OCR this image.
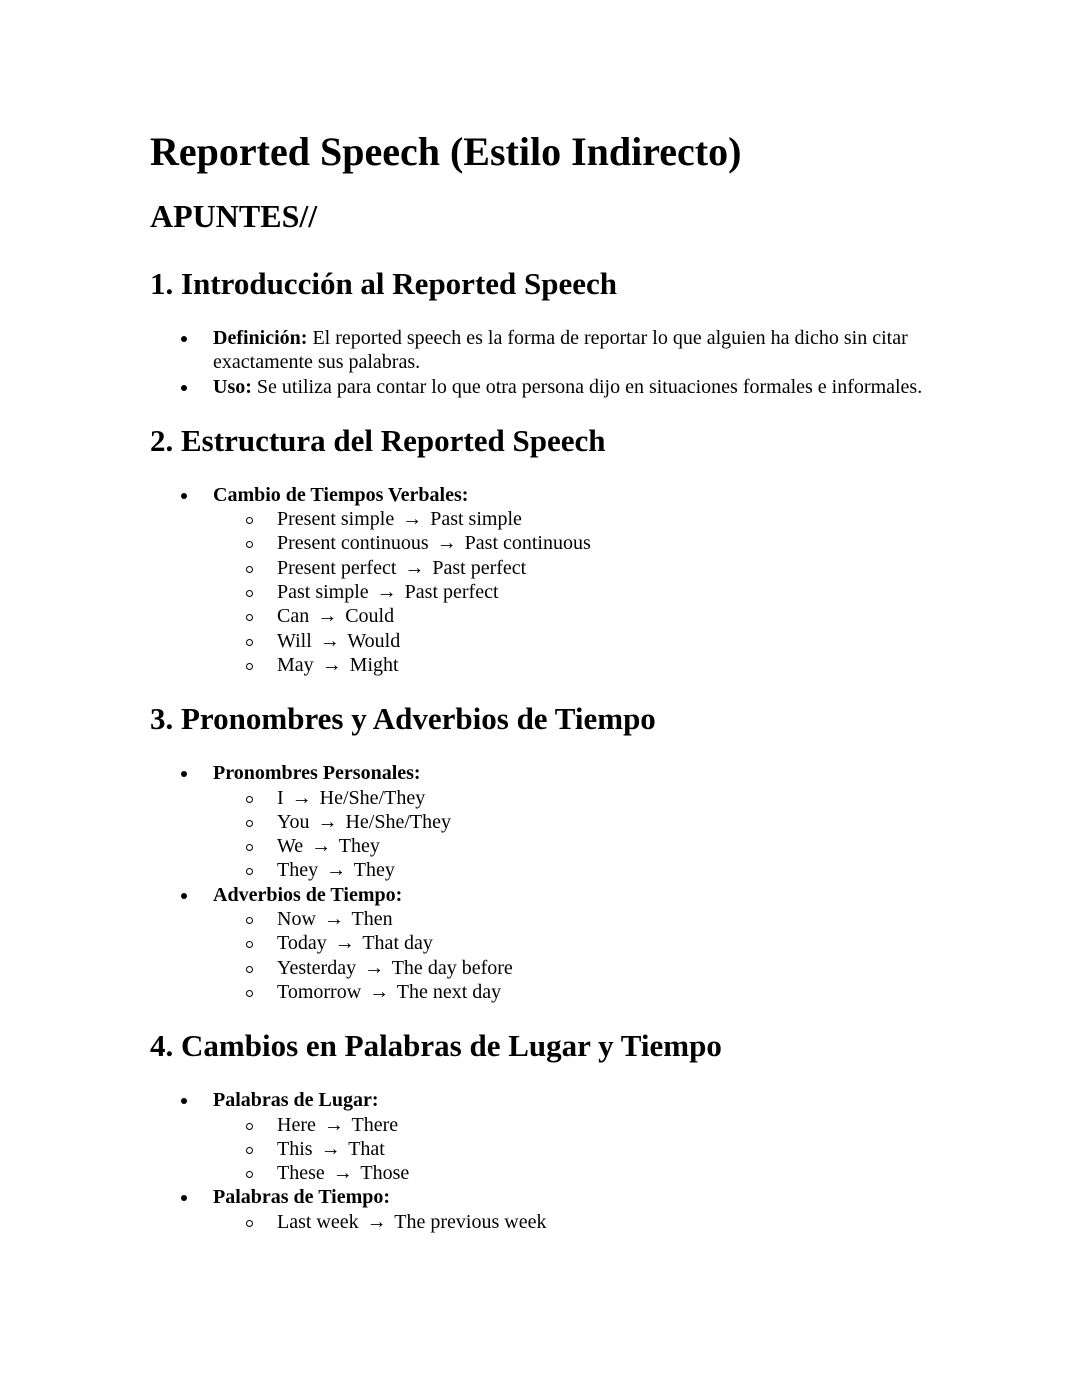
Reported Speech (Estilo Indirecto)
APUNTES//
1. Introducción al Reported Speech
Definición: El reported speech es la forma de reportar lo que alguien ha dicho sin citar exactamente sus palabras.
Uso: Se utiliza para contar lo que otra persona dijo en situaciones formales e informales.
2. Estructura del Reported Speech
Cambio de Tiempos Verbales:
Present simple → Past simple
Present continuous → Past continuous
Present perfect → Past perfect
Past simple → Past perfect
Can → Could
Will → Would
May → Might
3. Pronombres y Adverbios de Tiempo
Pronombres Personales:
I → He/She/They
You → He/She/They
We → They
They → They
Adverbios de Tiempo:
Now → Then
Today → That day
Yesterday → The day before
Tomorrow → The next day
4. Cambios en Palabras de Lugar y Tiempo
Palabras de Lugar:
Here → There
This → That
These → Those
Palabras de Tiempo:
Last week → The previous week
